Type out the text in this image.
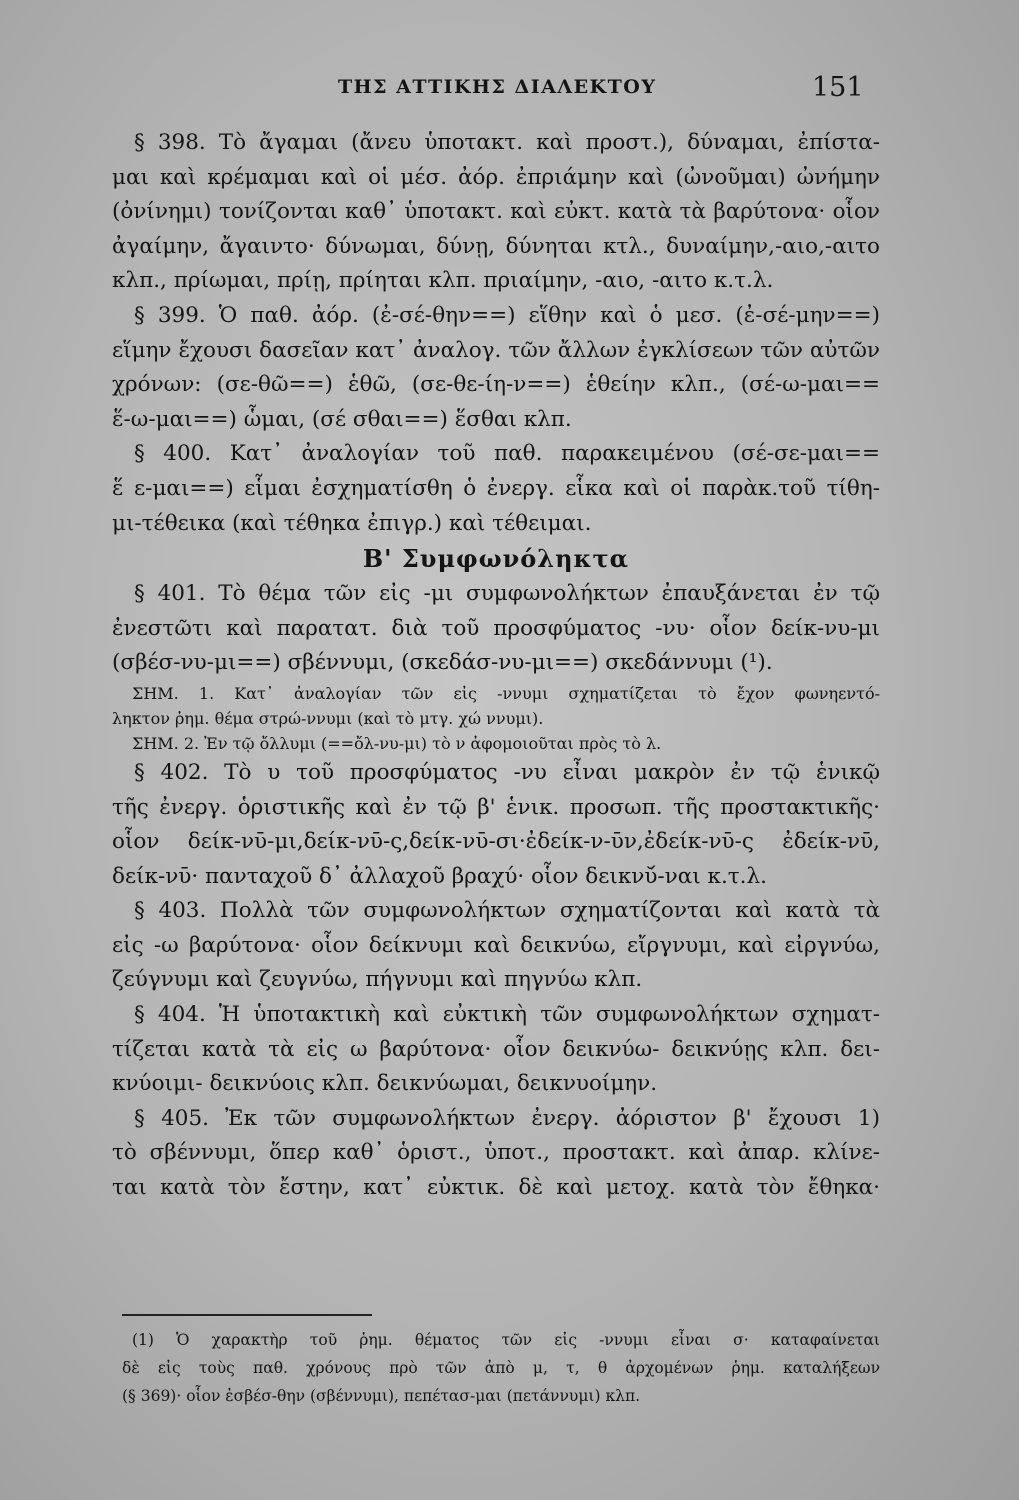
ΤΗΣ ΑΤΤΙΚΗΣ ΔΙΑΛΕΚΤΟΥ	151
§ 398. Τὸ ἄγαμαι (ἄνευ ὑποτακτ. καὶ προστ.), δύναμαι, ἐπίστα-
μαι καὶ κρέμαμαι καὶ οἱ μέσ. ἀόρ. ἐπριάμην καὶ (ὠνοῦμαι) ὠνήμην
(ὀνίνημι) τονίζονται καθ᾽ ὑποτακτ. καὶ εὐκτ. κατὰ τὰ βαρύτονα· οἷον
ἀγαίμην, ἄγαιντο· δύνωμαι, δύνῃ, δύνηται κτλ., δυναίμην,-αιο,-αιτο
κλπ., πρίωμαι, πρίῃ, πρίηται κλπ. πριαίμην, -αιο, -αιτο κ.τ.λ.
§ 399. Ὁ παθ. ἀόρ. (ἐ-σέ-θην==) εἵθην καὶ ὁ μεσ. (ἐ-σέ-μην==)
εἵμην ἔχουσι δασεῖαν κατ᾽ ἀναλογ. τῶν ἄλλων ἐγκλίσεων τῶν αὐτῶν
χρόνων: (σε-θῶ==) ἑθῶ, (σε-θε-ίη-ν==) ἑθείην κλπ., (σέ-ω-μαι==
ἕ-ω-μαι==) ὧμαι, (σέ σθαι==) ἕσθαι κλπ.
§ 400. Κατ᾽ ἀναλογίαν τοῦ παθ. παρακειμένου (σέ-σε-μαι==
ἕ ε-μαι==) εἷμαι ἐσχηματίσθη ὁ ἐνεργ. εἷκα καὶ οἱ παρὰκ.τοῦ τίθη-
μι-τέθεικα (καὶ τέθηκα ἐπιγρ.) καὶ τέθειμαι.
Β' Συμφωνόληκτα
§ 401. Τὸ θέμα τῶν εἰς -μι συμφωνολήκτων ἐπαυξάνεται ἐν τῷ
ἐνεστῶτι καὶ παρατατ. διὰ τοῦ προσφύματος -νυ· οἷον δείκ-νυ-μι
(σβέσ-νυ-μι==) σβέννυμι, (σκεδάσ-νυ-μι==) σκεδάννυμι (¹).
ΣΗΜ. 1. Κατ᾽ ἀναλογίαν τῶν εἰς -ννυμι σχηματίζεται τὸ ἔχον φωνηεντό-
ληκτον ῥημ. θέμα στρώ-ννυμι (καὶ τὸ μτγ. χώ ννυμι).
ΣΗΜ. 2. Ἐν τῷ ὄλλυμι (==ὄλ-νυ-μι) τὸ ν ἀφομοιοῦται πρὸς τὸ λ.
§ 402. Τὸ υ τοῦ προσφύματος -νυ εἶναι μακρὸν ἐν τῷ ἑνικῷ
τῆς ἐνεργ. ὁριστικῆς καὶ ἐν τῷ β' ἑνικ. προσωπ. τῆς προστακτικῆς·
οἷον δείκ-νῡ-μι,δείκ-νῡ-ς,δείκ-νῡ-σι·ἐδείκ-ν-ῡν,ἐδείκ-νῡ-ς ἐδείκ-νῡ,
δείκ-νῡ· πανταχοῦ δ᾽ ἀλλαχοῦ βραχύ· οἷον δεικνῠ́-ναι κ.τ.λ.
§ 403. Πολλὰ τῶν συμφωνολήκτων σχηματίζονται καὶ κατὰ τὰ
εἰς -ω βαρύτονα· οἷον δείκνυμι καὶ δεικνύω, εἴργνυμι, καὶ εἰργνύω,
ζεύγνυμι καὶ ζευγνύω, πήγνυμι καὶ πηγνύω κλπ.
§ 404. Ἡ ὑποτακτικὴ καὶ εὐκτικὴ τῶν συμφωνολήκτων σχηματ-
τίζεται κατὰ τὰ εἰς ω βαρύτονα· οἷον δεικνύω- δεικνύῃς κλπ. δει-
κνύοιμι- δεικνύοις κλπ. δεικνύωμαι, δεικνυοίμην.
§ 405. Ἐκ τῶν συμφωνολήκτων ἐνεργ. ἀόριστον β' ἔχουσι 1)
τὸ σβέννυμι, ὅπερ καθ᾽ ὁριστ., ὑποτ., προστακτ. καὶ ἀπαρ. κλίνε-
ται κατὰ τὸν ἔστην, κατ᾽ εὐκτικ. δὲ καὶ μετοχ. κατὰ τὸν ἔθηκα·
(1) Ὁ χαρακτὴρ τοῦ ῥημ. θέματος τῶν εἰς -ννυμι εἶναι σ· καταφαίνεται
δὲ εἰς τοὺς παθ. χρόνους πρὸ τῶν ἀπὸ μ, τ, θ ἀρχομένων ῥημ. καταλήξεων
(§ 369)· οἷον ἐσβέσ-θην (σβέννυμι), πεπέτασ-μαι (πετάννυμι) κλπ.
